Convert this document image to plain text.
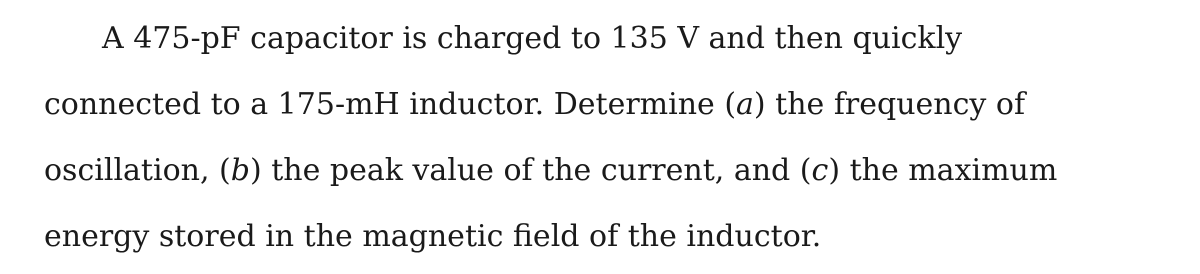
A 475-pF capacitor is charged to 135 V and then quickly
connected to a 175-mH inductor. Determine (a) the frequency of
oscillation, (b) the peak value of the current, and (c) the maximum
energy stored in the magnetic field of the inductor.
